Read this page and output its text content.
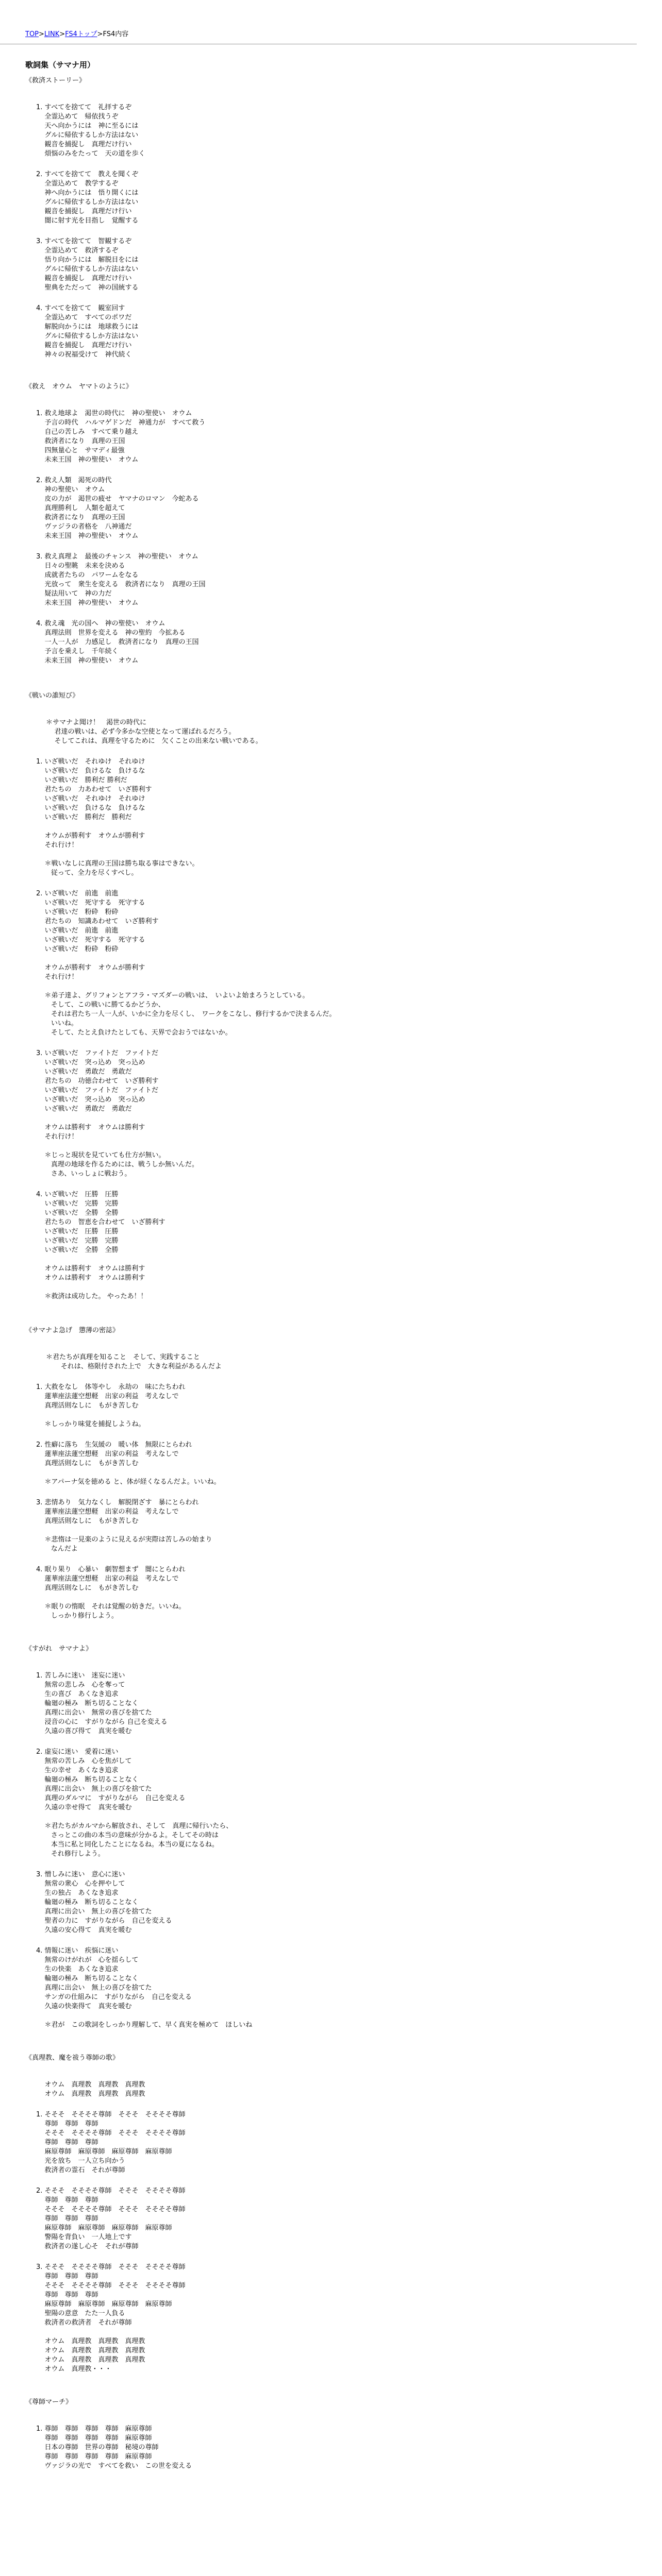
TOP>LINK>FS4トップ>FS4内容
歌詞集（サマナ用）
《救済ストーリー》
1. すべてを捨てて　礼拝するぞ
全霊込めて　帰依找うぞ
天へ向かうには　神に至るには
グルに帰依するしか方法はない
観音を捕捉し　真理だけ行い
煩悩のみをたって　天の道を歩く
2. すべてを捨てて　教えを聞くぞ
全霊込めて　教学するぞ
神へ向かうには　悟り開くには
グルに帰依するしか方法はない
観音を捕捉し　真理だけ行い
闇に射す光を目指し　覚醒する
3. すべてを捨てて　智観するぞ
全霊込めて　救済するぞ
悟り向かうには　解脱目をには
グルに帰依するしか方法はない
観音を捕捉し　真理だけ行い
聖典をただって　神の国統する
4. すべてを捨てて　観室回す
全霊込めて　すべてのポワだ
解脱向かうには　地球救うには
グルに帰依するしか方法はない
観音を捕捉し　真理だけ行い
神々の祝福受けて　神代続く
《救え　オウム　ヤマトのように》
1. 救え地球よ　渇世の時代に　神の聖使い　オウム
予言の時代　ハルマゲドンだ　神通力が　すべて救う
自己の苦しみ　すべて乗り越え
救済者になり　真理の王国
四無量心と　サマディ最強
未来王国　神の聖使い　オウム
2. 救え人類　渇死の時代
神の聖使い　オウム
皮の力が　渇世の疲せ　ヤマナのロマン　今蛇ある
真理勝利し　人類を超えて
救済者になり　真理の王国
ヴァジラの者格を　八神通だ
未来王国　神の聖使い　オウム
3. 救え真理よ　最後のチャンス　神の聖使い　オウム
日々の聖眺　未来を決める
成就者たちの　パワームをなる
光放って　衆生を変える　救済者になり　真理の王国
疑法用いて　神の力だ
未来王国　神の聖使い　オウム
4. 救え魂　光の国へ　神の聖使い　オウム
真理法則　世界を変える　神の聖約　今拡ある
一人一人が　力感足し　救済者になり　真理の王国
予言を乗えし　千年続く
未来王国　神の聖使い　オウム
《戦いの誰短び》
＊サマナよ聞け！　渇世の時代に
君達の戦いは、必ず今多かな空使となって運ばれるだろう。
そしてこれは、真理を守るために　欠くことの出来ない戦いである。
1. いざ戦いだ　それゆけ　それゆけ
いざ戦いだ　負けるな　負けるな
いざ戦いだ　勝利だ 勝利だ
君たちの　力あわせて　いざ勝利す
いざ戦いだ　それゆけ　それゆけ
いざ戦いだ　負けるな　負けるな
いざ戦いだ　勝利だ　勝利だ

オウムが勝利す　オウムが勝利す
それ行け！

＊戦いなしに真理の王国は勝ち取る事はできない。
従って、全力を尽くすべし。
2. いざ戦いだ　前進　前進
いざ戦いだ　死守する　死守する
いざ戦いだ　粉砕　粉砕
君たちの　知識あわせて　いざ勝利す
いざ戦いだ　前進　前進
いざ戦いだ　死守する　死守する
いざ戦いだ　粉砕　粉砕

オウムが勝利す　オウムが勝利す
それ行け！

＊弟子達よ、グリフォンとアフラ・マズダーの戦いは、　いよいよ始まろうとしている。
そして、この戦いに勝てるかどうか、
それは君たち一人一人が、いかに全力を尽くし、　ワークをこなし、修行するかで決まるんだ。
いいね。
そして、たとえ負けたとしても、天界で会おうではないか。
3. いざ戦いだ　ファイトだ　ファイトだ
いざ戦いだ　突っ込め　突っ込め
いざ戦いだ　勇敢だ　勇敢だ
君たちの　功徳合わせて　いざ勝利す
いざ戦いだ　ファイトだ　ファイトだ
いざ戦いだ　突っ込め　突っ込め
いざ戦いだ　勇敢だ　勇敢だ

オウムは勝利す　オウムは勝利す
それ行け！

＊じっと現状を見ていても仕方が無い。
真理の地球を作るためには、戦うしか無いんだ。
さあ、いっしょに戦おう。
4. いざ戦いだ　圧勝　圧勝
いざ戦いだ　完勝　完勝
いざ戦いだ　全勝　全勝
君たちの　智恵を合わせて　いざ勝利す
いざ戦いだ　圧勝　圧勝
いざ戦いだ　完勝　完勝
いざ戦いだ　全勝　全勝

オウムは勝利す　オウムは勝利す
オウムは勝利す　オウムは勝利す

＊救済は成功した。 やったあ！！
《サマナよ急げ　懲薄の密誌》
＊君たちが真理を知ること　そして、実践すること
それは、格限付された上で　大きな利益があるんだよ
1. 大救をなし　体等やし　永劫の　味にたちわれ
蓮華座法蓮空想軽　出家の利益　考えなしで
真理活則なしに　もがき苦しむ

＊しっかり味覚を捕捉しようね。
2. 性癖に落ち　生気緩の　暖い体　無限にとらわれ
蓮華座法蓮空想軽　出家の利益　考えなしで
真理活則なしに　もがき苦しむ

＊アパーナ気を徳める と、体が経くなるんだよ。いいね。
3. 悲情あり　気力なくし　解脱閉ざす　暴にとらわれ
蓮華座法蓮空想軽　出家の利益　考えなしで
真理活則なしに　もがき苦しむ

＊悲惰は一見楽のように見えるが実際は苦しみの始まり
なんだよ
4. 眠り果り　心暴い　劇智想まず　闇にとらわれ
蓮華座法蓮空想軽　出家の利益　考えなしで
真理活則なしに　もがき苦しむ

＊眠りの惰眠　それは覚醒の妨きだ。いいね。
しっかり修行しよう。
《すがれ　サマナよ》
1. 苦しみに迷い　迷妄に迷い
無常の悲しみ　心を奪って
生の喜び　あくなき追求
輪廻の極み　断ち切ることなく
真理に出会い　無常の喜びを捨てた
浸音の心に　すがりながら 自己を変える
久遠の喜び得て　真実を暖む
2. 虚妄に迷い　愛着に迷い
無常の苦しみ　心を焦がして
生の幸せ　あくなき追求
輪廻の極み　断ち切ることなく
真理に出会い　無上の喜びを捨てた
真理のダルマに　すがりながら　自己を変える
久遠の幸せ得て　真実を暖む

＊君たちがカルマから解放され、そして　真理に帰行いたら、
さっとこの曲の本当の意味が分かるよ。そしてその時は
本当に私と同化したことになるね。本当の夏になるね。
それ修行しよう。
3. 憎しみに迷い　意心に迷い
無常の衆心　心を押やして
生の独占　あくなき追求
輪廻の極み　断ち切ることなく
真理に出会い　無上の喜びを捨てた
聖者の力に　すがりながら　自己を変える
久遠の安心得て　真実を暖む
4. 情報に迷い　疾悩に迷い
無常のけがれが　心を揺らして
生の快楽　あくなき追求
輪廻の極み　断ち切ることなく
真理に出会い　無上の喜びを捨てた
サンガの仕組みに　すがりながら　自己を変える
久遠の快楽得て　真実を暖む

＊君が　この歌詞をしっかり理解して、早く真実を極めて　ほしいね
《真理教、魔を祓う尊師の歌》
オウム　真理教　真理教　真理教
オウム　真理教　真理教　真理教
1. そそそ　そそそそ尊師　そそそ　そそそそ尊師
尊師　尊師　尊師
そそそ　そそそそ尊師　そそそ　そそそそ尊師
尊師　尊師　尊師
麻原尊師　麻原尊師　麻原尊師　麻原尊師
光を放ち　一人立ち向かう
救済者の霊石　それが尊師
2. そそそ　そそそそ尊師　そそそ　そそそそ尊師
尊師　尊師　尊師
そそそ　そそそそ尊師　そそそ　そそそそ尊師
尊師　尊師　尊師
麻原尊師　麻原尊師　麻原尊師　麻原尊師
警陽を背負い　一人地上です
救済者の遂し心そ　それが尊師
3. そそそ　そそそそ尊師　そそそ　そそそそ尊師
尊師　尊師　尊師
そそそ　そそそそ尊師　そそそ　そそそそ尊師
尊師　尊師　尊師
麻原尊師　麻原尊師　麻原尊師　麻原尊師
聖陽の意意　たた一人負る
救済者の救済者　それが尊師

オウム　真理教　真理教　真理教
オウム　真理教　真理教　真理教
オウム　真理教　真理教　真理教
オウム　真理教・・・
《尊師マーチ》
1. 尊師　尊師　尊師　尊師　麻原尊師
尊師　尊師　尊師　尊師　麻原尊師
日本の尊師　世界の尊師　秘境の尊師
尊師　尊師　尊師　尊師　麻原尊師
ヴァジラの光で　すべてを救い　この世を変える
